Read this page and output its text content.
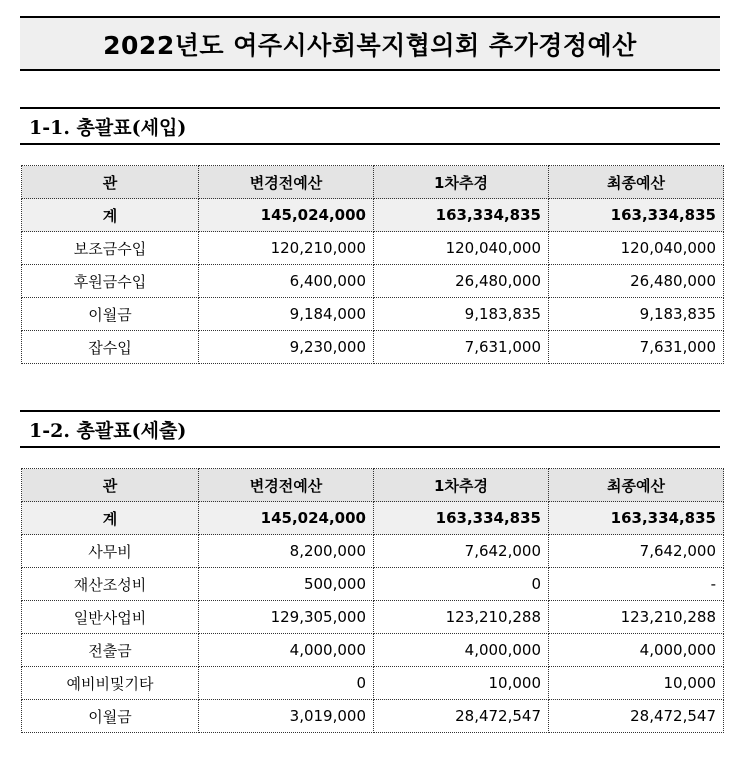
2022년도 여주시사회복지협의회 추가경정예산
1-1. 총괄표(세입)
관	변경전예산	1차추경	최종예산
계	145,024,000	163,334,835	163,334,835
보조금수입	120,210,000	120,040,000	120,040,000
후원금수입	6,400,000	26,480,000	26,480,000
이월금	9,184,000	9,183,835	9,183,835
잡수입	9,230,000	7,631,000	7,631,000
1-2. 총괄표(세출)
관	변경전예산	1차추경	최종예산
계	145,024,000	163,334,835	163,334,835
사무비	8,200,000	7,642,000	7,642,000
재산조성비	500,000	0	-
일반사업비	129,305,000	123,210,288	123,210,288
전출금	4,000,000	4,000,000	4,000,000
예비비및기타	0	10,000	10,000
이월금	3,019,000	28,472,547	28,472,547
